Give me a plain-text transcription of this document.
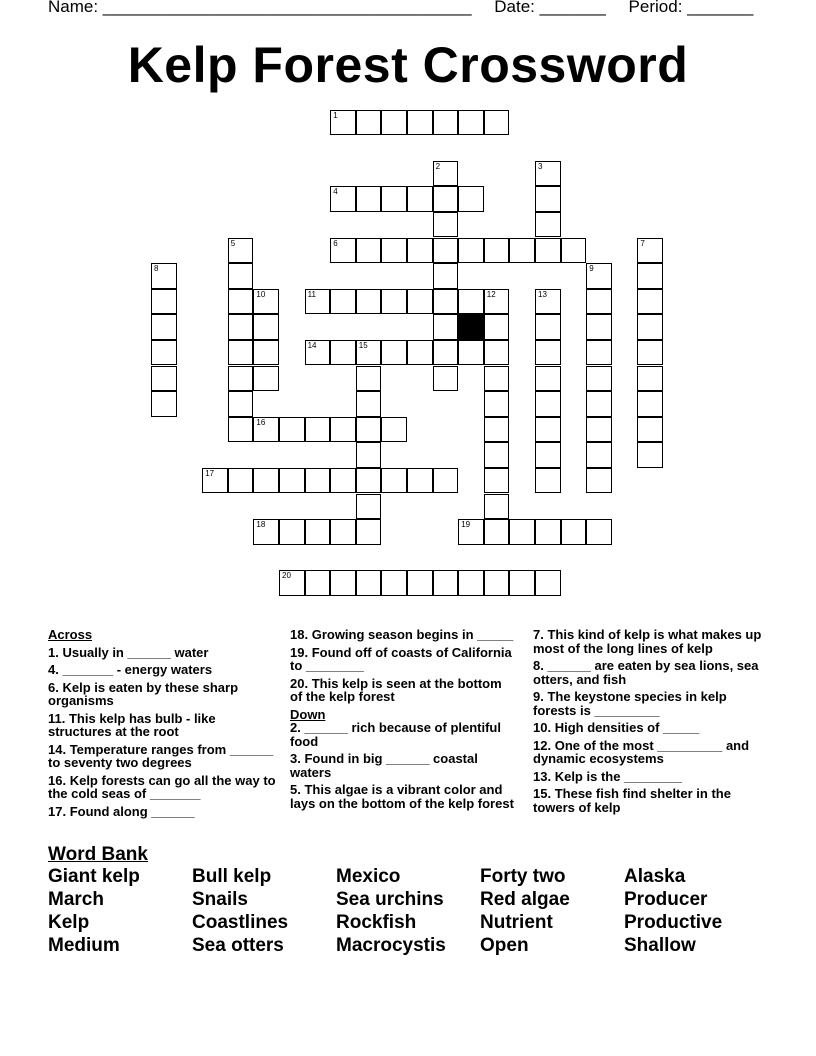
Name: _______________________________________ Date: _______ Period: _______
Kelp Forest Crossword
1
4
6
11	12
14	15
16
17
18	19
20
2	3
5	7
8	9
10	13
Across
1. Usually in ______ water
4. _______ - energy waters
6. Kelp is eaten by these sharp organisms
11. This kelp has bulb - like structures at the root
14. Temperature ranges from ______ to seventy two degrees
16. Kelp forests can go all the way to the cold seas of _______
17. Found along ______
18. Growing season begins in _____
19. Found off of coasts of California to ________
20. This kelp is seen at the bottom of the kelp forest
Down
2. ______ rich because of plentiful food
3. Found in big ______ coastal waters
5. This algae is a vibrant color and lays on the bottom of the kelp forest
7. This kind of kelp is what makes up most of the long lines of kelp
8. ______ are eaten by sea lions, sea otters, and fish
9. The keystone species in kelp forests is _________
10. High densities of _____
12. One of the most _________ and dynamic ecosystems
13. Kelp is the ________
15. These fish find shelter in the towers of kelp
Word Bank
Giant kelp	Bull kelp	Mexico	Forty two	Alaska
March	Snails	Sea urchins	Red algae	Producer
Kelp	Coastlines	Rockfish	Nutrient	Productive
Medium	Sea otters	Macrocystis	Open	Shallow
